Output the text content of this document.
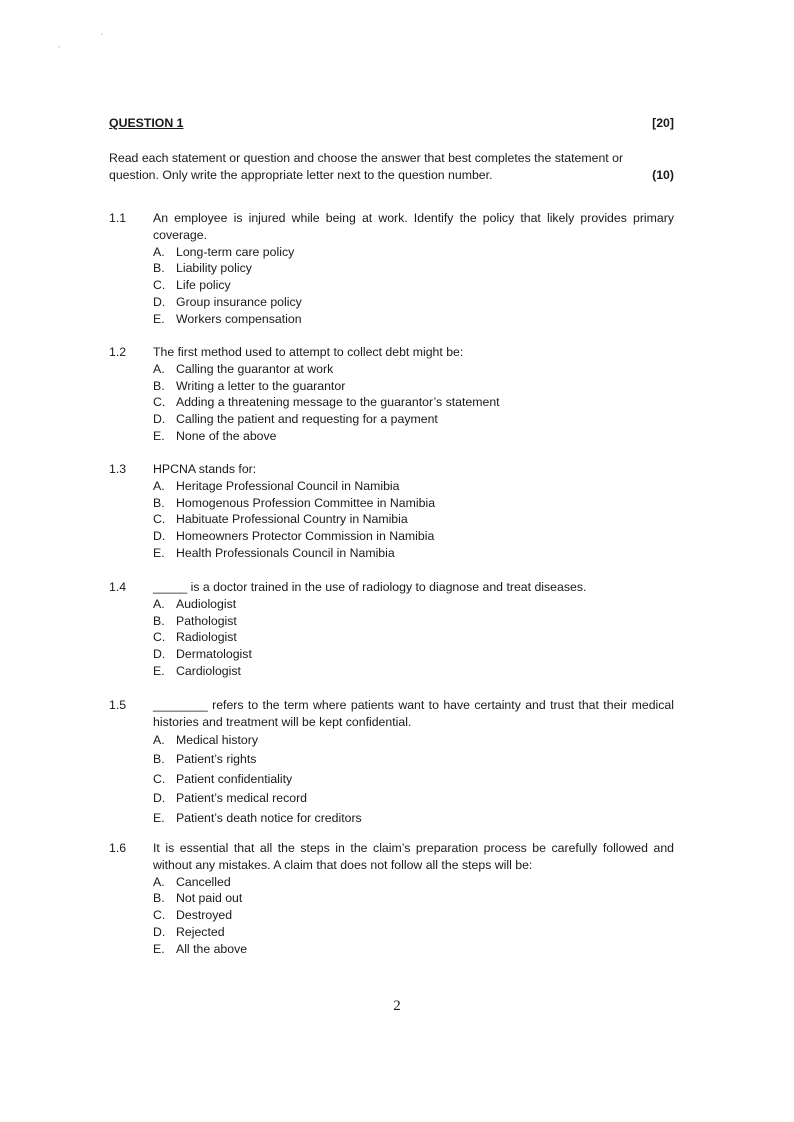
‘
,
QUESTION 1	[20]
Read each statement or question and choose the answer that best completes the statement or question. Only write the appropriate letter next to the question number.	(10)
1.1 An employee is injured while being at work. Identify the policy that likely provides primary coverage.
A. Long-term care policy
B. Liability policy
C. Life policy
D. Group insurance policy
E. Workers compensation
1.2 The first method used to attempt to collect debt might be:
A. Calling the guarantor at work
B. Writing a letter to the guarantor
C. Adding a threatening message to the guarantor’s statement
D. Calling the patient and requesting for a payment
E. None of the above
1.3 HPCNA stands for:
A. Heritage Professional Council in Namibia
B. Homogenous Profession Committee in Namibia
C. Habituate Professional Country in Namibia
D. Homeowners Protector Commission in Namibia
E. Health Professionals Council in Namibia
1.4 _____ is a doctor trained in the use of radiology to diagnose and treat diseases.
A. Audiologist
B. Pathologist
C. Radiologist
D. Dermatologist
E. Cardiologist
1.5 ________ refers to the term where patients want to have certainty and trust that their medical histories and treatment will be kept confidential.
A. Medical history
B. Patient’s rights
C. Patient confidentiality
D. Patient’s medical record
E. Patient’s death notice for creditors
1.6 It is essential that all the steps in the claim’s preparation process be carefully followed and without any mistakes. A claim that does not follow all the steps will be:
A. Cancelled
B. Not paid out
C. Destroyed
D. Rejected
E. All the above
2
